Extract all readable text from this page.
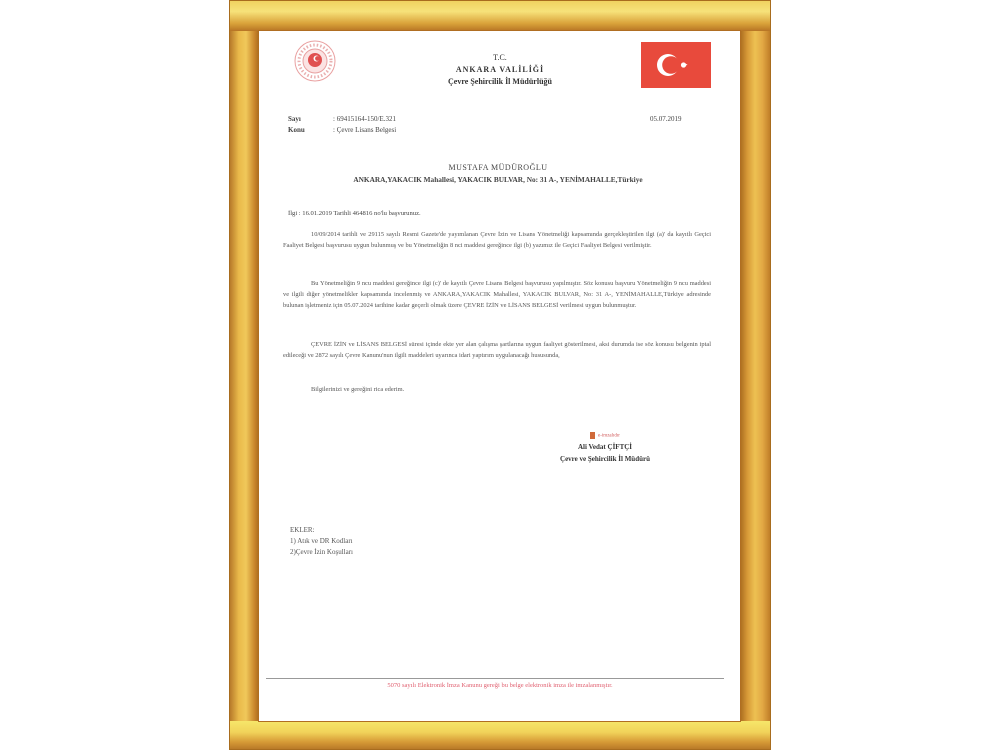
T.C.
ANKARA VALİLİĞİ
Çevre Şehircilik İl Müdürlüğü
Sayı	: 69415164-150/E.321
Konu	: Çevre Lisans Belgesi
05.07.2019
MUSTAFA MÜDÜROĞLU
ANKARA,YAKACIK Mahallesi, YAKACIK BULVAR, No: 31 A-, YENİMAHALLE,Türkiye
İlgi : 16.01.2019 Tarihli 464816 no'lu başvurunuz.
10/09/2014 tarihli ve 29115 sayılı Resmi Gazete'de yayımlanan Çevre İzin ve Lisans Yönetmeliği kapsamında gerçekleştirilen ilgi (a)' da kayıtlı Geçici Faaliyet Belgesi başvurusu uygun bulunmuş ve bu Yönetmeliğin 8 nci maddesi gereğince ilgi (b) yazımız ile Geçici Faaliyet Belgesi verilmiştir.
Bu Yönetmeliğin 9 ncu maddesi gereğince ilgi (c)' de kayıtlı Çevre Lisans Belgesi başvurusu yapılmıştır. Söz konusu başvuru Yönetmeliğin 9 ncu maddesi ve ilgili diğer yönetmelikler kapsamında incelenmiş ve ANKARA,YAKACIK Mahallesi, YAKACIK BULVAR, No: 31 A-, YENİMAHALLE,Türkiye adresinde bulunan işletmeniz için 05.07.2024 tarihine kadar geçerli olmak üzere ÇEVRE İZİN ve LİSANS BELGESİ verilmesi uygun bulunmuştur.
ÇEVRE İZİN ve LİSANS BELGESİ süresi içinde ekte yer alan çalışma şartlarına uygun faaliyet gösterilmesi, aksi durumda ise söz konusu belgenin iptal edileceği ve 2872 sayılı Çevre Kanunu'nun ilgili maddeleri uyarınca idari yaptırım uygulanacağı hususunda,
Bilgilerinizi ve gereğini rica ederim.
e-imzalıdır
Ali Vedat ÇİFTÇİ
Çevre ve Şehircilik İl Müdürü
EKLER:
1) Atık ve DR Kodları
2)Çevre İzin Koşulları
5070 sayılı Elektronik İmza Kanunu gereği bu belge elektronik imza ile imzalanmıştır.
